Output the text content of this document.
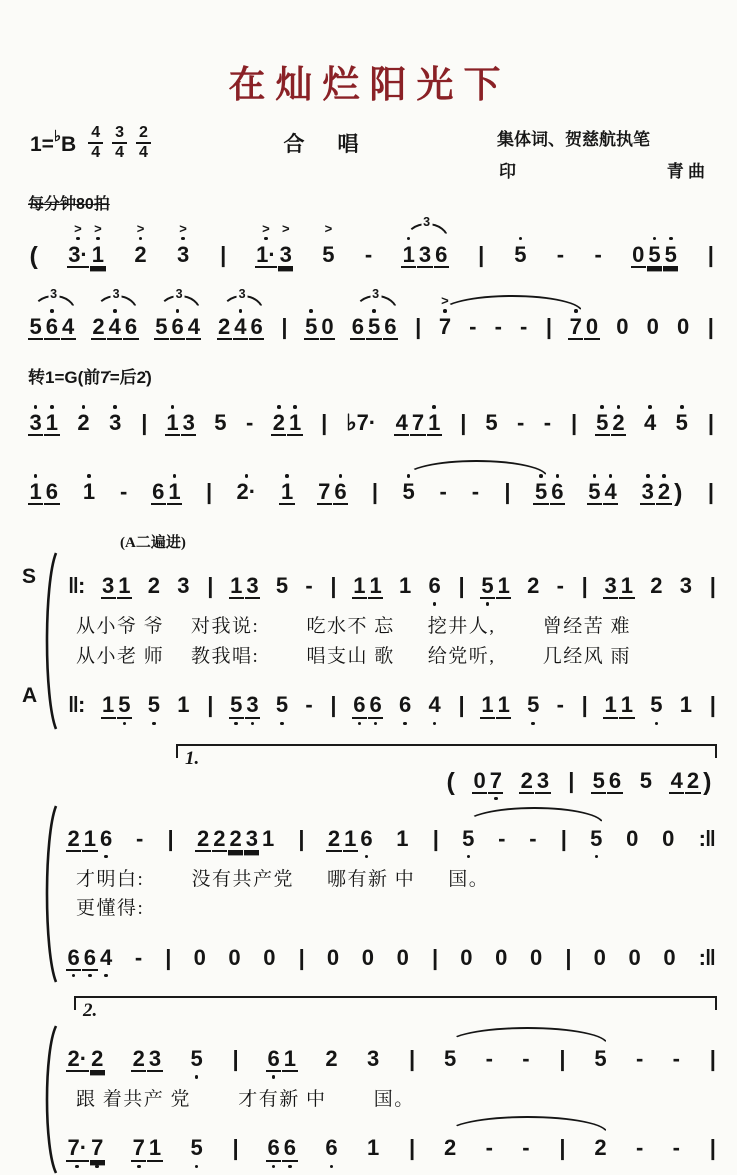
在灿烂阳光下
$1=^♭B \frac{4}{4} \frac{3}{4} \frac{2}{4}$	合　唱	集体词、贺慈航执笔
印	青 曲
每分钟80拍
(
>
3·
>
1
>
2
>
3 |
>
1·
>
3
>
5 - 1 3 6 | 5 - - 0 5 5 |
3
5 6 4 2 4 6 5 6 4 2 4 6 | 5 0 6 5 6 |
>
7 - - - | 7 0 0 0 0 |
3	3	3	3	3
转1=G(前7̇=后2̇)
3 1 2 3 | 1 3 5 - 2 1 | ♭7· 4 7 1 | 5 - - | 5 2 4 5 |
1 6 1 - 6 1 | 2· 1 7 6 | 5 - - | 5 6 5 4 3 2 ) |
(A二遍进)
S ‖: 3 1 2 3 | 1 3 5 - | 1 1 1 6 | 5 1 2 - | 3 1 2 3 |
从小爷 爷　 对我说:　　 吃水不 忘　  挖井人,　　 曾经苦 难
从小老 师　 教我唱:　　 唱支山 歌　  给党听,　　 几经风 雨
A ‖: 1 5 5 1 | 5 3 5 - | 6 6 6 4 | 1 1 5 - | 1 1 5 1 |
1.
( 0 7 2 3 | 5 6 5 4 2 )
2 1 6 - | 2 2 2 3 1 | 2 1 6 1 | 5 - - | 5 0 0 :‖
才明白:　　 没有共产党　  哪有新 中　  国。
更懂得:
6 6 4 - | 0 0 0 | 0 0 0 | 0 0 0 | 0 0 0 :‖
2.
2· 2 2 3 5 | 6 1 2 3 | 5 - - | 5 - - |
跟 着共产 党　　 才有新 中　　 国。
7· 7 7 1 5 | 6 6 6 1 | 2 - - | 2 - - |
